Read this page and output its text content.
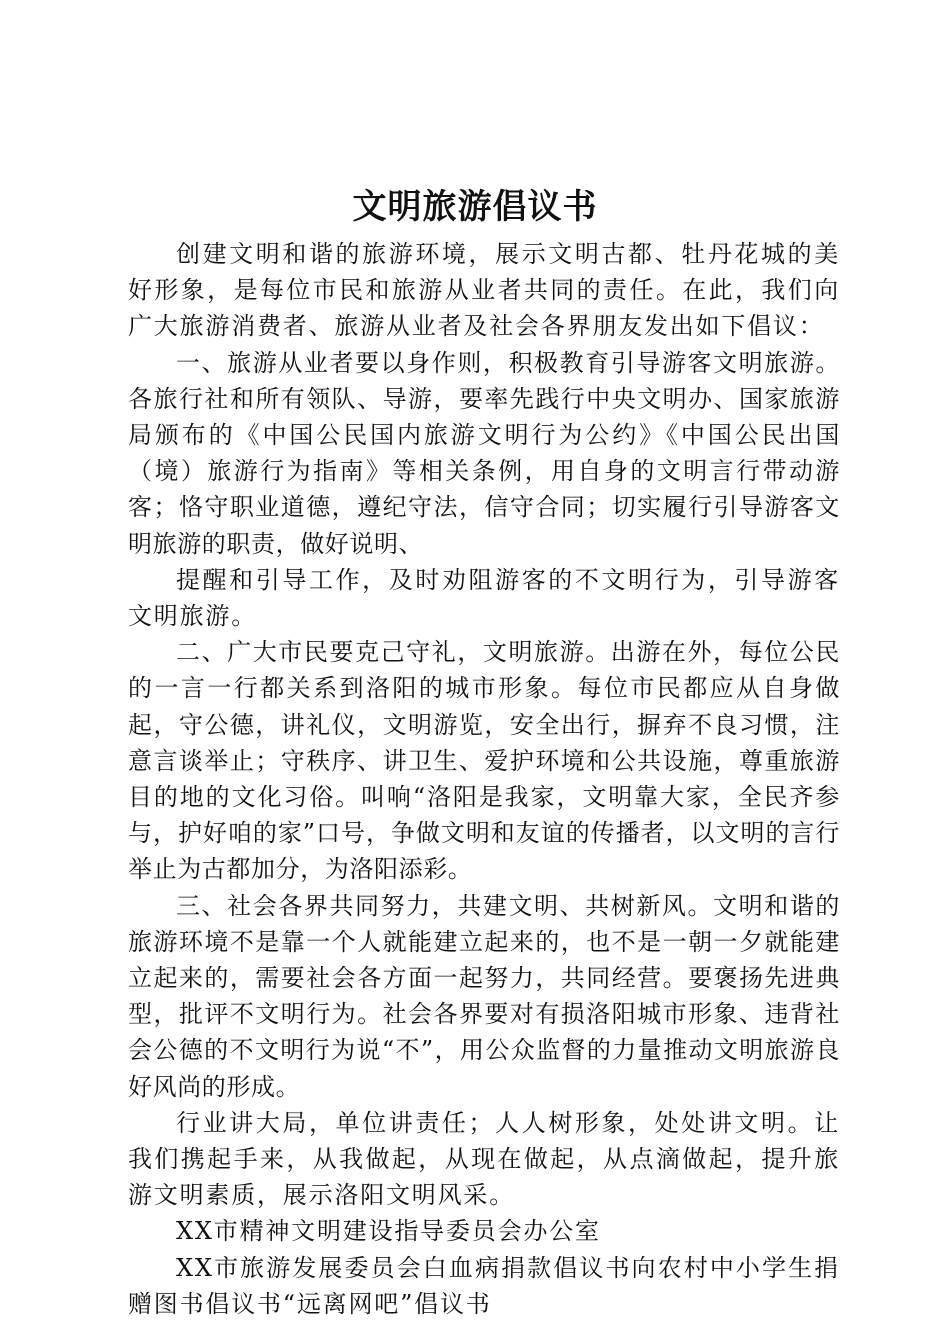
文明旅游倡议书

创建文明和谐的旅游环境，展示文明古都、牡丹花城的美好形象，是每位市民和旅游从业者共同的责任。在此，我们向广大旅游消费者、旅游从业者及社会各界朋友发出如下倡议：

一、旅游从业者要以身作则，积极教育引导游客文明旅游。各旅行社和所有领队、导游，要率先践行中央文明办、国家旅游局颁布的《中国公民国内旅游文明行为公约》《中国公民出国（境）旅游行为指南》等相关条例，用自身的文明言行带动游客；恪守职业道德，遵纪守法，信守合同；切实履行引导游客文明旅游的职责，做好说明、

提醒和引导工作，及时劝阻游客的不文明行为，引导游客文明旅游。

二、广大市民要克己守礼，文明旅游。出游在外，每位公民的一言一行都关系到洛阳的城市形象。每位市民都应从自身做起，守公德，讲礼仪，文明游览，安全出行，摒弃不良习惯，注意言谈举止；守秩序、讲卫生、爱护环境和公共设施，尊重旅游目的地的文化习俗。叫响“洛阳是我家，文明靠大家，全民齐参与，护好咱的家”口号，争做文明和友谊的传播者，以文明的言行举止为古都加分，为洛阳添彩。

三、社会各界共同努力，共建文明、共树新风。文明和谐的旅游环境不是靠一个人就能建立起来的，也不是一朝一夕就能建立起来的，需要社会各方面一起努力，共同经营。要褒扬先进典型，批评不文明行为。社会各界要对有损洛阳城市形象、违背社会公德的不文明行为说“不”，用公众监督的力量推动文明旅游良好风尚的形成。

行业讲大局，单位讲责任；人人树形象，处处讲文明。让我们携起手来，从我做起，从现在做起，从点滴做起，提升旅游文明素质，展示洛阳文明风采。

XX市精神文明建设指导委员会办公室

XX市旅游发展委员会白血病捐款倡议书向农村中小学生捐赠图书倡议书“远离网吧”倡议书
